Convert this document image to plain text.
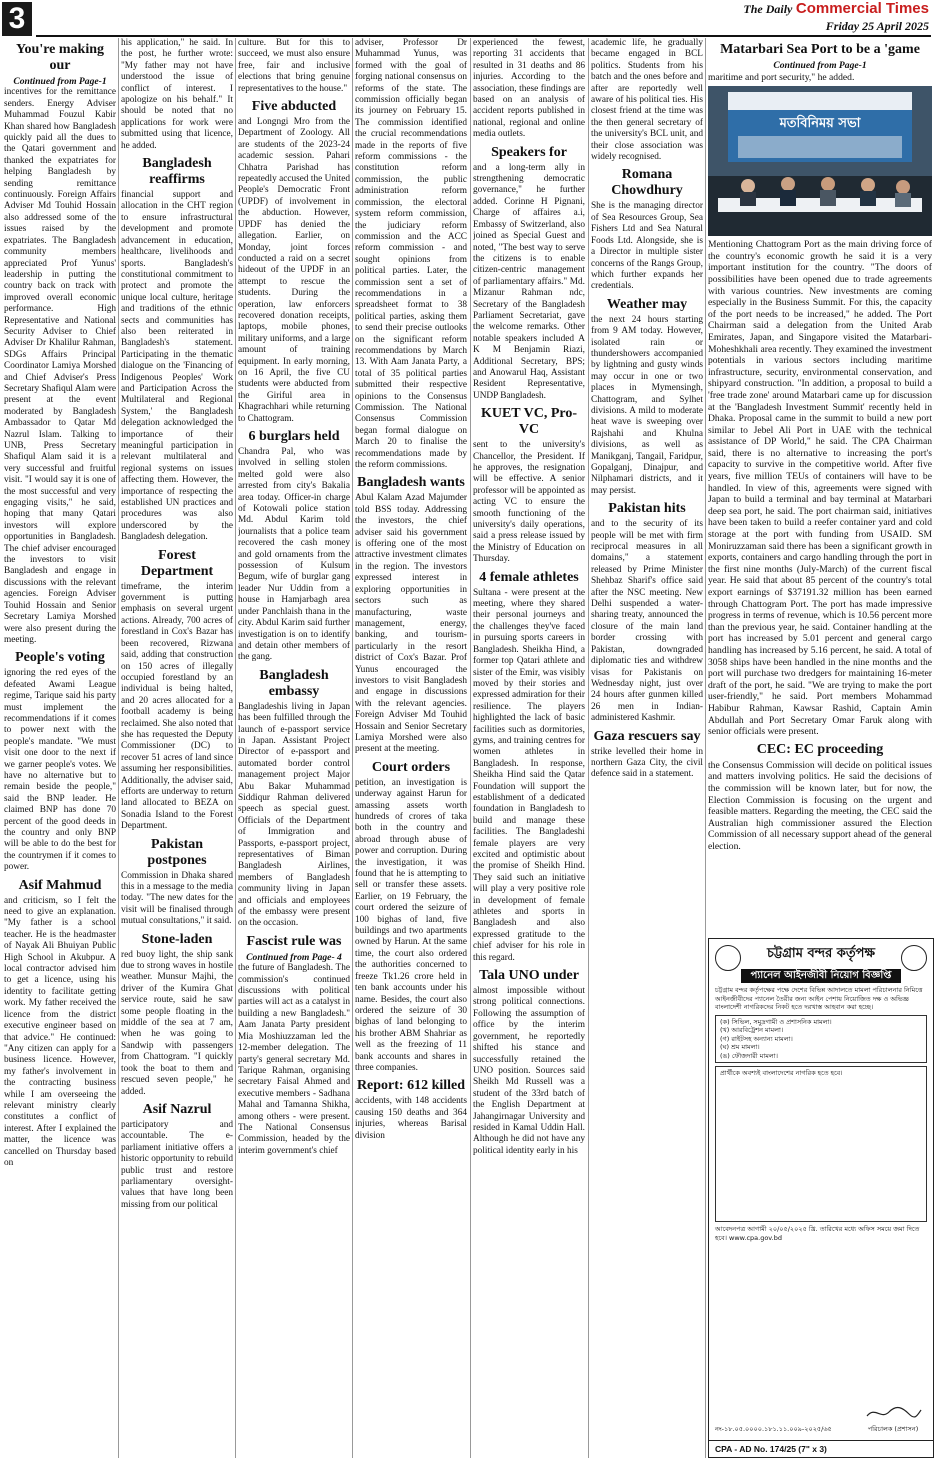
3	The Daily Commercial Times
Friday 25 April 2025
You're making our

Continued from Page-1

incentives for the remittance senders. Energy Adviser Muhammad Fouzul Kabir Khan shared how Bangladesh quickly paid all the dues to the Qatari government and thanked the expatriates for helping Bangladesh by sending remittance continuously. Foreign Affairs Adviser Md Touhid Hossain also addressed some of the issues raised by the expatriates. The Bangladesh community members appreciated Prof Yunus' leadership in putting the country back on track with improved overall economic performance. High Representative and National Security Adviser to Chief Adviser Dr Khalilur Rahman, SDGs Affairs Principal Coordinator Lamiya Morshed and Chief Adviser's Press Secretary Shafiqul Alam were present at the event moderated by Bangladesh Ambassador to Qatar Md Nazrul Islam. Talking to UNB, Press Secretary Shafiqul Alam said it is a very successful and fruitful visit. "I would say it is one of the most successful and very engaging visits," he said, hoping that many Qatari investors will explore opportunities in Bangladesh. The chief adviser encouraged the investors to visit Bangladesh and engage in discussions with the relevant agencies. Foreign Adviser Touhid Hossain and Senior Secretary Lamiya Morshed were also present during the meeting.

People's voting

ignoring the red eyes of the defeated Awami League regime, Tarique said his party must implement the recommendations if it comes to power next with the people's mandate. "We must visit one door to the next if we garner people's votes. We have no alternative but to remain beside the people," said the BNP leader. He claimed BNP has done 70 percent of the good deeds in the country and only BNP will be able to do the best for the countrymen if it comes to power.

Asif Mahmud

and criticism, so I felt the need to give an explanation. "My father is a school teacher. He is the headmaster of Nayak Ali Bhuiyan Public High School in Akubpur. A local contractor advised him to get a licence, using his identity to facilitate getting work. My father received the licence from the district executive engineer based on that advice." He continued: "Any citizen can apply for a business licence. However, my father's involvement in the contracting business while I am overseeing the relevant ministry clearly constitutes a conflict of interest. After I explained the matter, the licence was cancelled on Thursday based on

his application," he said. In the post, he further wrote: "My father may not have understood the issue of conflict of interest. I apologize on his behalf." It should be noted that no applications for work were submitted using that licence, he added.

Bangladesh reaffirms

financial support and allocation in the CHT region to ensure infrastructural development and promote advancement in education, healthcare, livelihoods and sports. Bangladesh's constitutional commitment to protect and promote the unique local culture, heritage and traditions of the ethnic sects and communities has also been reiterated in Bangladesh's statement. Participating in the thematic dialogue on the 'Financing of Indigenous Peoples' Work and Participation Across the Multilateral and Regional System,' the Bangladesh delegation acknowledged the importance of their meaningful participation in relevant multilateral and regional systems on issues affecting them. However, the importance of respecting the established UN practices and procedures was also underscored by the Bangladesh delegation.

Forest Department

timeframe, the interim government is putting emphasis on several urgent actions. Already, 700 acres of forestland in Cox's Bazar has been recovered, Rizwana said, adding that construction on 150 acres of illegally occupied forestland by an individual is being halted, and 20 acres allocated for a football academy is being reclaimed. She also noted that she has requested the Deputy Commissioner (DC) to recover 51 acres of land since assuming her responsibilities. Additionally, the adviser said, efforts are underway to return land allocated to BEZA on Sonadia Island to the Forest Department.

Pakistan postpones

Commission in Dhaka shared this in a message to the media today. "The new dates for the visit will be finalised through mutual consultations," it said.

Stone-laden

red buoy light, the ship sank due to strong waves in hostile weather. Munsur Majhi, the driver of the Kumira Ghat service route, said he saw some people floating in the middle of the sea at 7 am, when he was going to Sandwip with passengers from Chattogram. "I quickly took the boat to them and rescued seven people," he added.

Asif Nazrul

participatory and accountable. The e-parliament initiative offers a historic opportunity to rebuild public trust and restore parliamentary oversight-values that have long been missing from our political

culture. But for this to succeed, we must also ensure free, fair and inclusive elections that bring genuine representatives to the house."

Five abducted

and Longngi Mro from the Department of Zoology. All are students of the 2023-24 academic session. Pahari Chhatra Parishad has repeatedly accused the United People's Democratic Front (UPDF) of involvement in the abduction. However, UPDF has denied the allegation. Earlier, on Monday, joint forces conducted a raid on a secret hideout of the UPDF in an attempt to rescue the students. During the operation, law enforcers recovered donation receipts, laptops, mobile phones, military uniforms, and a large amount of training equipment. In early morning, on 16 April, the five CU students were abducted from the Giriful area in Khagrachhari while returning to Chattogram.

6 burglars held

Chandra Pal, who was involved in selling stolen melted gold were also arrested from city's Bakalia area today. Officer-in charge of Kotowali police station Md. Abdul Karim told journalists that a police team recovered the cash money and gold ornaments from the possession of Kulsum Begum, wife of burglar gang leader Nur Uddin from a house in Hamjarbagh area under Panchlaish thana in the city. Abdul Karim said further investigation is on to identify and detain other members of the gang.

Bangladesh embassy

Bangladeshis living in Japan has been fulfilled through the launch of e-passport service in Japan. Assistant Project Director of e-passport and automated border control management project Major Abu Bakar Muhammad Siddiqur Rahman delivered speech as special guest. Officials of the Department of Immigration and Passports, e-passport project, representatives of Biman Bangladesh Airlines, members of Bangladesh community living in Japan and officials and employees of the embassy were present on the occasion.

Fascist rule was

Continued from Page- 4

the future of Bangladesh. The commission's continued discussions with political parties will act as a catalyst in building a new Bangladesh." Aam Janata Party president Mia Moshiuzzaman led the 12-member delegation. The party's general secretary Md. Tarique Rahman, organising secretary Faisal Ahmed and executive members - Sadhana Mahal and Tamanna Shikha, among others - were present. The National Consensus Commission, headed by the interim government's chief

adviser, Professor Dr Muhammad Yunus, was formed with the goal of forging national consensus on reforms of the state. The commission officially began its journey on February 15. The commission identified the crucial recommendations made in the reports of five reform commissions - the constitution reform commission, the public administration reform commission, the electoral system reform commission, the judiciary reform commission and the ACC reform commission - and sought opinions from political parties. Later, the commission sent a set of recommendations in a spreadsheet format to 38 political parties, asking them to send their precise outlooks on the significant reform recommendations by March 13. With Aam Janata Party, a total of 35 political parties submitted their respective opinions to the Consensus Commission. The National Consensus Commission began formal dialogue on March 20 to finalise the recommendations made by the reform commissions.

Bangladesh wants

Abul Kalam Azad Majumder told BSS today. Addressing the investors, the chief adviser said his government is offering one of the most attractive investment climates in the region. The investors expressed interest in exploring opportunities in sectors such as manufacturing, waste management, energy, banking, and tourism-particularly in the resort district of Cox's Bazar. Prof Yunus encouraged the investors to visit Bangladesh and engage in discussions with the relevant agencies. Foreign Adviser Md Touhid Hossain and Senior Secretary Lamiya Morshed were also present at the meeting.

Court orders

petition, an investigation is underway against Harun for amassing assets worth hundreds of crores of taka both in the country and abroad through abuse of power and corruption. During the investigation, it was found that he is attempting to sell or transfer these assets. Earlier, on 19 February, the court ordered the seizure of 100 bighas of land, five buildings and two apartments owned by Harun. At the same time, the court also ordered the authorities concerned to freeze Tk1.26 crore held in ten bank accounts under his name. Besides, the court also ordered the seizure of 30 bighas of land belonging to his brother ABM Shahriar as well as the freezing of 11 bank accounts and shares in three companies.

Report: 612 killed

accidents, with 148 accidents causing 150 deaths and 364 injuries, whereas Barisal division

experienced the fewest, reporting 31 accidents that resulted in 31 deaths and 86 injuries. According to the association, these findings are based on an analysis of accident reports published in national, regional and online media outlets.

Speakers for

and a long-term ally in strengthening democratic governance," he further added. Corinne H Pignani, Charge of affaires a.i, Embassy of Switzerland, also joined as Special Guest and noted, "The best way to serve the citizens is to enable citizen-centric management of parliamentary affairs." Md. Mizanur Rahman ndc, Secretary of the Bangladesh Parliament Secretariat, gave the welcome remarks. Other notable speakers included A K M Benjamin Riazi, Additional Secretary, BPS; and Anowarul Haq, Assistant Resident Representative, UNDP Bangladesh.

KUET VC, Pro-VC

sent to the university's Chancellor, the President. If he approves, the resignation will be effective. A senior professor will be appointed as acting VC to ensure the smooth functioning of the university's daily operations, said a press release issued by the Ministry of Education on Thursday.

4 female athletes

Sultana - were present at the meeting, where they shared their personal journeys and the challenges they've faced in pursuing sports careers in Bangladesh. Sheikha Hind, a former top Qatari athlete and sister of the Emir, was visibly moved by their stories and expressed admiration for their resilience. The players highlighted the lack of basic facilities such as dormitories, gyms, and training centres for women athletes in Bangladesh. In response, Sheikha Hind said the Qatar Foundation will support the establishment of a dedicated foundation in Bangladesh to build and manage these facilities. The Bangladeshi female players are very excited and optimistic about the promise of Sheikh Hind. They said such an initiative will play a very positive role in development of female athletes and sports in Bangladesh and also expressed gratitude to the chief adviser for his role in this regard.

Tala UNO under

almost impossible without strong political connections. Following the assumption of office by the interim government, he reportedly shifted his stance and successfully retained the UNO position. Sources said Sheikh Md Russell was a student of the 33rd batch of the English Department at Jahangirnagar University and resided in Kamal Uddin Hall. Although he did not have any political identity early in his

academic life, he gradually became engaged in BCL politics. Students from his batch and the ones before and after are reportedly well aware of his political ties. His closest friend at the time was the then general secretary of the university's BCL unit, and their close association was widely recognised.

Romana Chowdhury

She is the managing director of Sea Resources Group, Sea Fishers Ltd and Sea Natural Foods Ltd. Alongside, she is a Director in multiple sister concerns of the Rangs Group, which further expands her credentials.

Weather may

the next 24 hours starting from 9 AM today. However, isolated rain or thundershowers accompanied by lightning and gusty winds may occur in one or two places in Mymensingh, Chattogram, and Sylhet divisions. A mild to moderate heat wave is sweeping over Rajshahi and Khulna divisions, as well as Manikganj, Tangail, Faridpur, Gopalganj, Dinajpur, and Nilphamari districts, and it may persist.

Pakistan hits

and to the security of its people will be met with firm reciprocal measures in all domains," a statement released by Prime Minister Shehbaz Sharif's office said after the NSC meeting. New Delhi suspended a water-sharing treaty, announced the closure of the main land border crossing with Pakistan, downgraded diplomatic ties and withdrew visas for Pakistanis on Wednesday night, just over 24 hours after gunmen killed 26 men in Indian-administered Kashmir.

Gaza rescuers say

strike levelled their home in northern Gaza City, the civil defence said in a statement.

Matarbari Sea Port to be a 'game

Continued from Page-1

maritime and port security," he added.

মতবিনিময় সভা

Mentioning Chattogram Port as the main driving force of the country's economic growth he said it is a very important institution for the country. "The doors of possibilities have been opened due to trade agreements with various countries. New investments are coming especially in the Business Summit. For this, the capacity of the port needs to be increased," he added. The Port Chairman said a delegation from the United Arab Emirates, Japan, and Singapore visited the Matarbari-Moheshkhali area recently. They examined the investment potentials in various sectors including maritime infrastructure, security, environmental conservation, and shipyard construction. "In addition, a proposal to build a 'free trade zone' around Matarbari came up for discussion at the 'Bangladesh Investment Summit' recently held in Dhaka. Proposal came in the summit to build a new port similar to Jebel Ali Port in UAE with the technical assistance of DP World," he said. The CPA Chairman said, there is no alternative to increasing the port's capacity to survive in the competitive world. After five years, five million TEUs of containers will have to be handled. In view of this, agreements were signed with Japan to build a terminal and bay terminal at Matarbari deep sea port, he said. The port chairman said, initiatives have been taken to build a reefer container yard and cold storage at the port with funding from USAID. SM Moniruzzaman said there has been a significant growth in exports, containers and cargo handling through the port in the first nine months (July-March) of the current fiscal year. He said that about 85 percent of the country's total export earnings of $37191.32 million has been earned through Chattogram Port. The port has made impressive progress in terms of revenue, which is 10.56 percent more than the previous year, he said. Container handling at the port has increased by 5.01 percent and general cargo handling has increased by 5.16 percent, he said. A total of 3058 ships have been handled in the nine months and the port will purchase two dredgers for maintaining 16-meter draft of the port, he said. "We are trying to make the port user-friendly," he said. Port members Mohammad Habibur Rahman, Kawsar Rashid, Captain Amin Abdullah and Port Secretary Omar Faruk along with senior officials were present.

CEC: EC proceeding

the Consensus Commission will decide on political issues and matters involving politics. He said the decisions of the commission will be known later, but for now, the Election Commission is focusing on the urgent and feasible matters. Regarding the meeting, the CEC said the Australian high commissioner assured the Election Commission of all necessary support ahead of the general election.

চট্টগ্রাম বন্দর কর্তৃপক্ষ
প্যানেল আইনজীবী নিয়োগ বিজ্ঞপ্তি
চট্টগ্রাম বন্দর কর্তৃপক্ষের পক্ষে দেশের বিভিন্ন আদালতে মামলা পরিচালনার নিমিত্তে আইনজীবীদের প্যানেল তৈরীর জন্য আইন পেশায় নিয়োজিত দক্ষ ও অভিজ্ঞ বাংলাদেশী নাগরিকদের নিকট হতে দরখাস্ত আহবান করা হচ্ছে।
(ক) সিভিল, সমুদ্রগামী ও প্রশাসনিক মামলা।
(খ) আরবিট্রেশন মামলা।
(গ) রাইটসহ অন্যান্য মামলা।
(ঘ) শ্রম মামলা।
(ঙ) ফৌজদারী মামলা।
প্রার্থীকে অবশ্যই বাংলাদেশের নাগরিক হতে হবে।
আবেদনপত্র আগামী ২০/০৫/২০২৫ খ্রি. তারিখের মধ্যে অফিস সময়ে জমা দিতে হবে। www.cpa.gov.bd
নং-১৮.০৫.০০০০.১৮১.১১.০০৯-২০২৫/৬৫	পরিচালক (প্রশাসন)
CPA - AD No. 174/25 (7" x 3)
